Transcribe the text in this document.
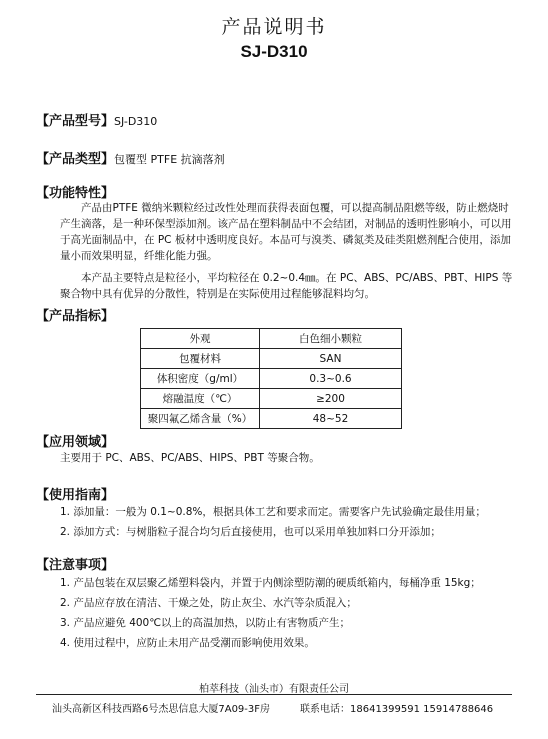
产品说明书
SJ-D310
【产品型号】SJ-D310
【产品类型】包覆型 PTFE 抗滴落剂
【功能特性】
产品由PTFE 微纳米颗粒经过改性处理而获得表面包覆，可以提高制品阻燃等级，防止燃烧时产生滴落，是一种环保型添加剂。该产品在塑料制品中不会结团，对制品的透明性影响小，可以用于高光面制品中，在 PC 板材中透明度良好。本品可与溴类、磷氮类及硅类阻燃剂配合使用，添加量小而效果明显，纤维化能力强。
本产品主要特点是粒径小，平均粒径在 0.2~0.4㎜。在 PC、ABS、PC/ABS、PBT、HIPS 等聚合物中具有优异的分散性，特别是在实际使用过程能够混料均匀。
【产品指标】
外观	白色细小颗粒
包覆材料	SAN
体积密度（g/ml）	0.3~0.6
熔融温度（℃）	≥200
聚四氟乙烯含量（%）	48~52
【应用领域】
主要用于 PC、ABS、PC/ABS、HIPS、PBT 等聚合物。
【使用指南】
1. 添加量：一般为 0.1~0.8%，根据具体工艺和要求而定。需要客户先试验确定最佳用量；
2. 添加方式：与树脂粒子混合均匀后直接使用，也可以采用单独加料口分开添加；
【注意事项】
1. 产品包装在双层聚乙烯塑料袋内，并置于内侧涂塑防潮的硬质纸箱内，每桶净重 15kg；
2. 产品应存放在清洁、干燥之处，防止灰尘、水汽等杂质混入；
3. 产品应避免 400℃以上的高温加热，以防止有害物质产生；
4. 使用过程中，应防止未用产品受潮而影响使用效果。
柏萃科技（汕头市）有限责任公司
汕头高新区科技西路6号杰思信息大厦7A09-3F房	联系电话：18641399591 15914788646
